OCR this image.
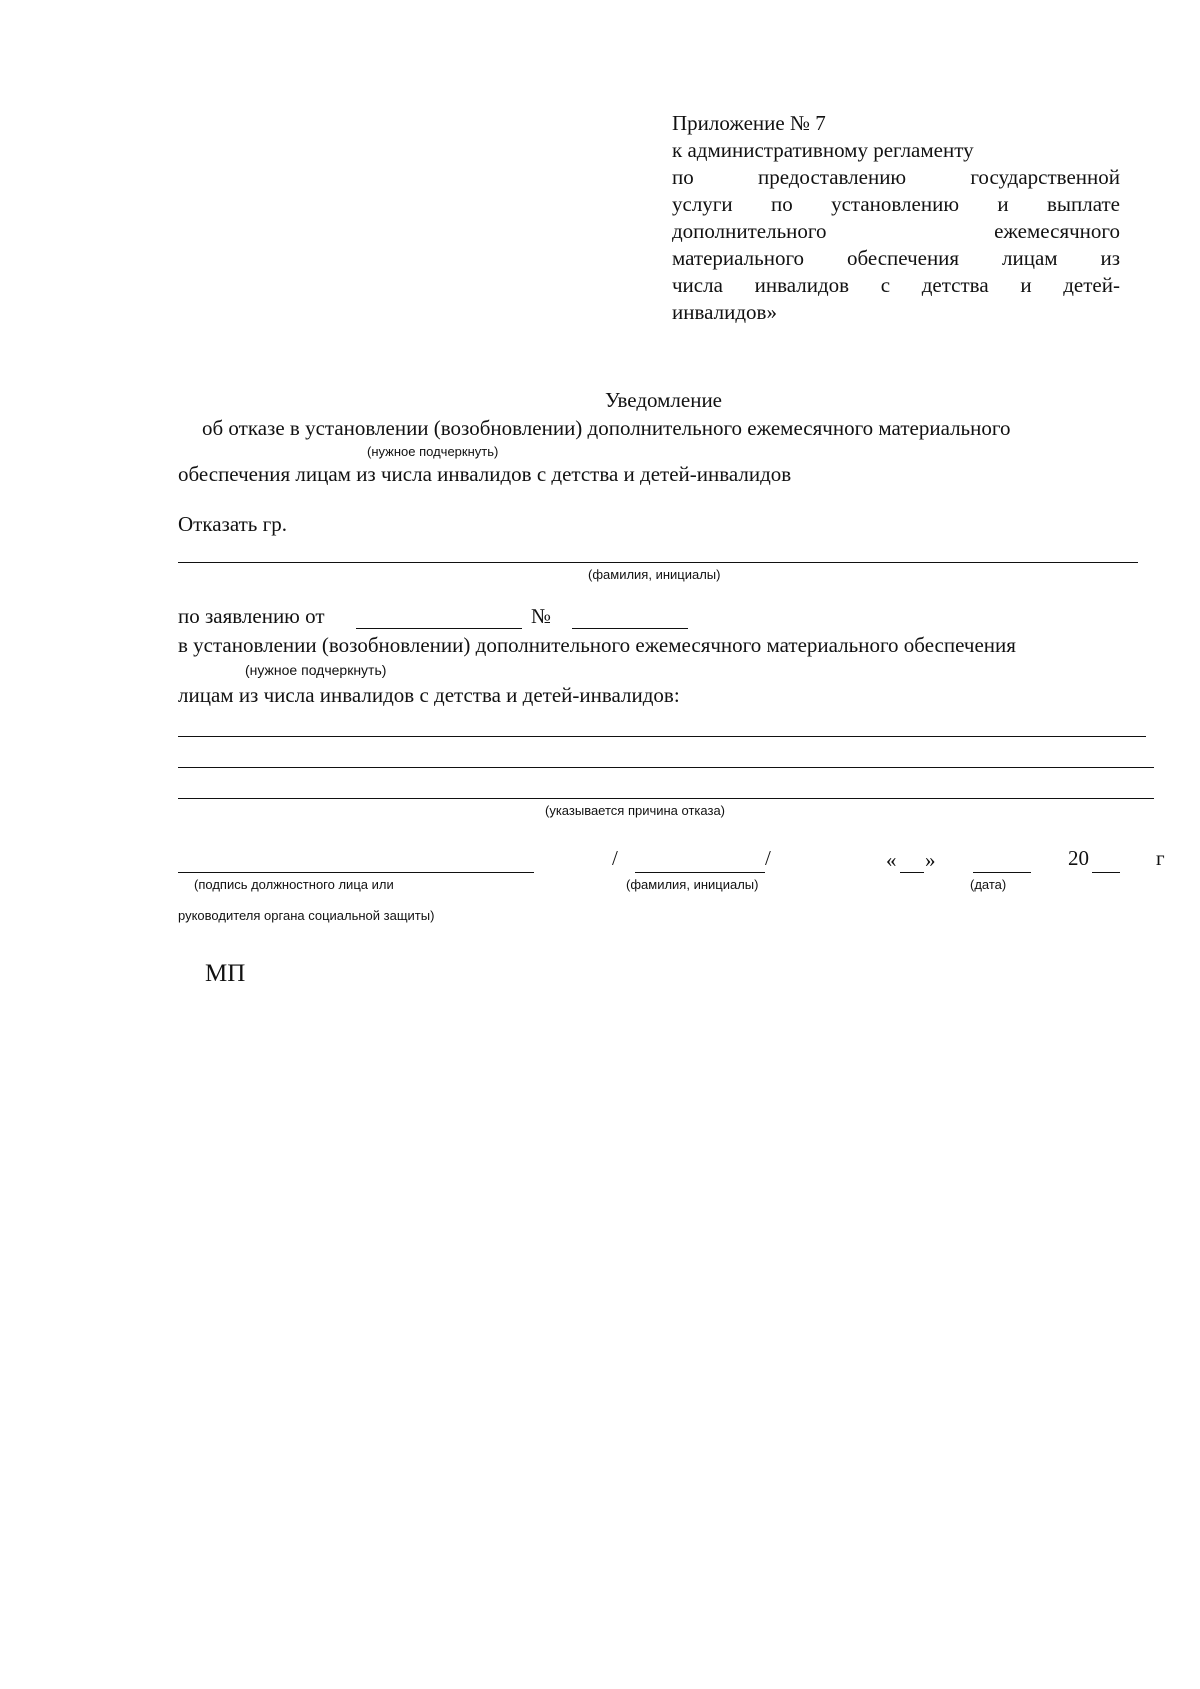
Приложение № 7
к административному регламенту
по предоставлению государственной
услуги по установлению и выплате
дополнительного ежемесячного
материального обеспечения лицам из
числа инвалидов с детства и детей-
инвалидов»
Уведомление
об отказе в установлении (возобновлении) дополнительного ежемесячного материального
(нужное подчеркнуть)
обеспечения лицам из числа инвалидов с детства и детей-инвалидов
Отказать гр.
(фамилия, инициалы)
по заявлению от	№
в установлении (возобновлении) дополнительного ежемесячного материального обеспечения
(нужное подчеркнуть)
лицам из числа инвалидов с детства и детей-инвалидов:
(указывается причина отказа)
/	/	« »	20	г
(подпись должностного лица или	(фамилия, инициалы)	(дата)
руководителя органа социальной защиты)
МП
